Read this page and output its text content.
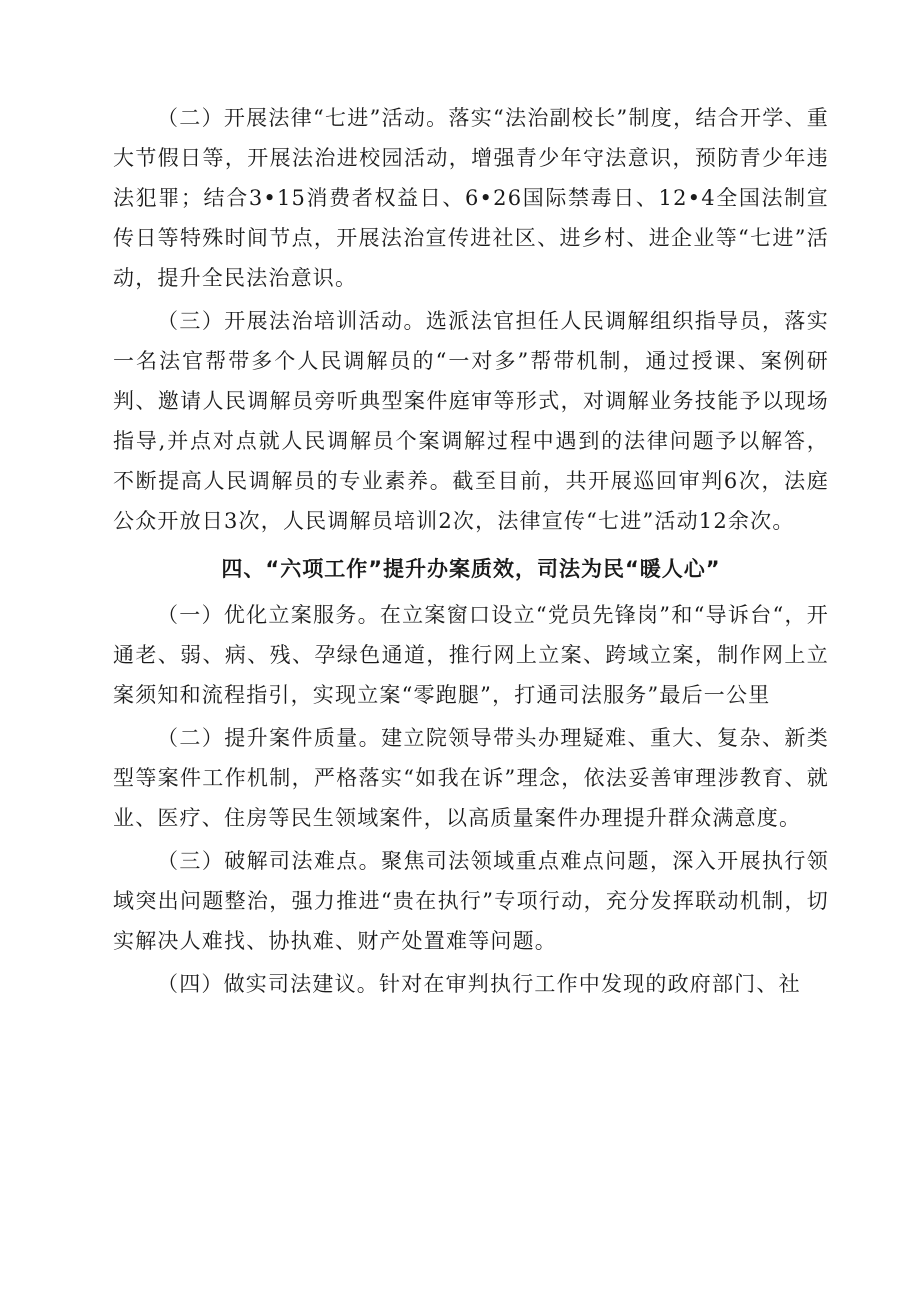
（二）开展法律“七进”活动。落实“法治副校长”制度，结合开学、重大节假日等，开展法治进校园活动，增强青少年守法意识，预防青少年违法犯罪；结合3•15消费者权益日、6•26国际禁毒日、12•4全国法制宣传日等特殊时间节点，开展法治宣传进社区、进乡村、进企业等“七进”活动，提升全民法治意识。

（三）开展法治培训活动。选派法官担任人民调解组织指导员，落实一名法官帮带多个人民调解员的“一对多”帮带机制，通过授课、案例研判、邀请人民调解员旁听典型案件庭审等形式，对调解业务技能予以现场指导,并点对点就人民调解员个案调解过程中遇到的法律问题予以解答，不断提高人民调解员的专业素养。截至目前，共开展巡回审判6次，法庭公众开放日3次，人民调解员培训2次，法律宣传“七进”活动12余次。

四、“六项工作”提升办案质效，司法为民“暖人心”

（一）优化立案服务。在立案窗口设立“党员先锋岗”和“导诉台“，开通老、弱、病、残、孕绿色通道，推行网上立案、跨域立案，制作网上立案须知和流程指引，实现立案“零跑腿”，打通司法服务”最后一公里

（二）提升案件质量。建立院领导带头办理疑难、重大、复杂、新类型等案件工作机制，严格落实“如我在诉”理念，依法妥善审理涉教育、就业、医疗、住房等民生领域案件，以高质量案件办理提升群众满意度。

（三）破解司法难点。聚焦司法领域重点难点问题，深入开展执行领域突出问题整治，强力推进“贵在执行”专项行动，充分发挥联动机制，切实解决人难找、协执难、财产处置难等问题。

（四）做实司法建议。针对在审判执行工作中发现的政府部门、社
